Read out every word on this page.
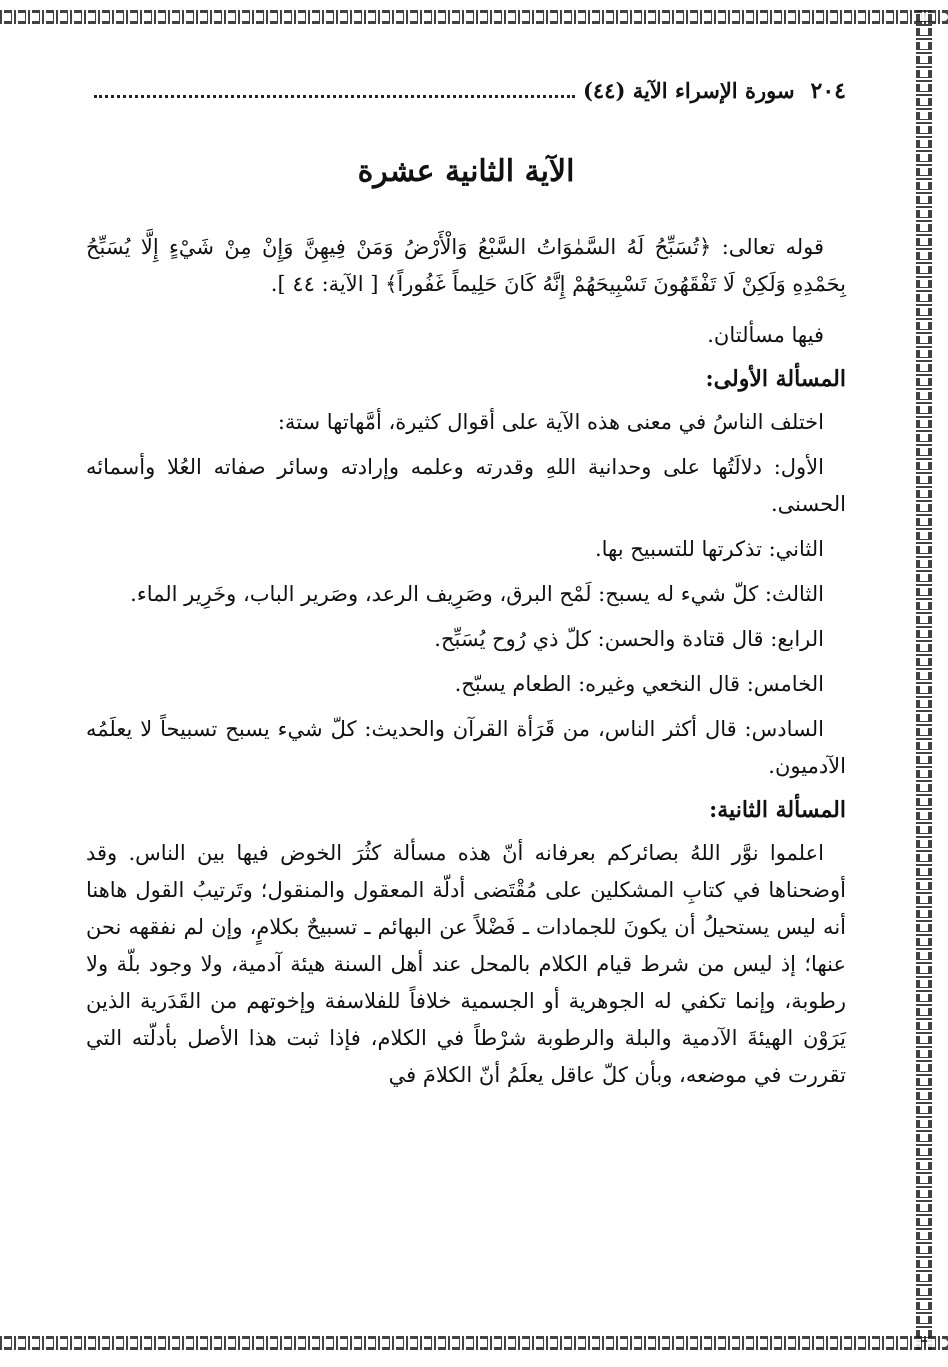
٢٠٤
سورة الإسراء الآية (٤٤)
الآية الثانية عشرة

قوله تعالى: ﴿تُسَبِّحُ لَهُ السَّمٰوَاتُ السَّبْعُ وَالْأَرْضُ وَمَنْ فِيهِنَّ وَإِنْ مِنْ شَيْءٍ إِلَّا يُسَبِّحُ بِحَمْدِهِ وَلَكِنْ لَا تَفْقَهُونَ تَسْبِيحَهُمْ إِنَّهُ كَانَ حَلِيماً غَفُوراً﴾ [ الآية: ٤٤ ].

فيها مسألتان.

المسألة الأولى:

اختلف الناسُ في معنى هذه الآية على أقوال كثيرة، أمَّهاتها ستة:

الأول: دلالَتُها على وحدانية اللهِ وقدرته وعلمه وإرادته وسائر صفاته العُلا وأسمائه الحسنى.

الثاني: تذكرتها للتسبيح بها.

الثالث: كلّ شيء له يسبح: لَمْح البرق، وصَرِيف الرعد، وصَرير الباب، وخَرِير الماء.

الرابع: قال قتادة والحسن: كلّ ذي رُوح يُسَبِّح.

الخامس: قال النخعي وغيره: الطعام يسبّح.

السادس: قال أكثر الناس، من قَرَأة القرآن والحديث: كلّ شيء يسبح تسبيحاً لا يعلَمُه الآدميون.

المسألة الثانية:

اعلموا نوَّر اللهُ بصائركم بعرفانه أنّ هذه مسألة كثُرَ الخوض فيها بين الناس. وقد أوضحناها في كتابِ المشكلين على مُقْتَضى أدلّة المعقول والمنقول؛ وتَرتيبُ القول هاهنا أنه ليس يستحيلُ أن يكونَ للجمادات ـ فَضْلاً عن البهائم ـ تسبيحٌ بكلامٍ، وإن لم نفقهه نحن عنها؛ إذ ليس من شرط قيام الكلام بالمحل عند أهل السنة هيئة آدمية، ولا وجود بلّة ولا رطوبة، وإنما تكفي له الجوهرية أو الجسمية خلافاً للفلاسفة وإخوتهم من القَدَرية الذين يَرَوْن الهيئةَ الآدمية والبلة والرطوبة شرْطاً في الكلام، فإذا ثبت هذا الأصل بأدلّته التي تقررت في موضعه، وبأن كلّ عاقل يعلَمُ أنّ الكلامَ في
